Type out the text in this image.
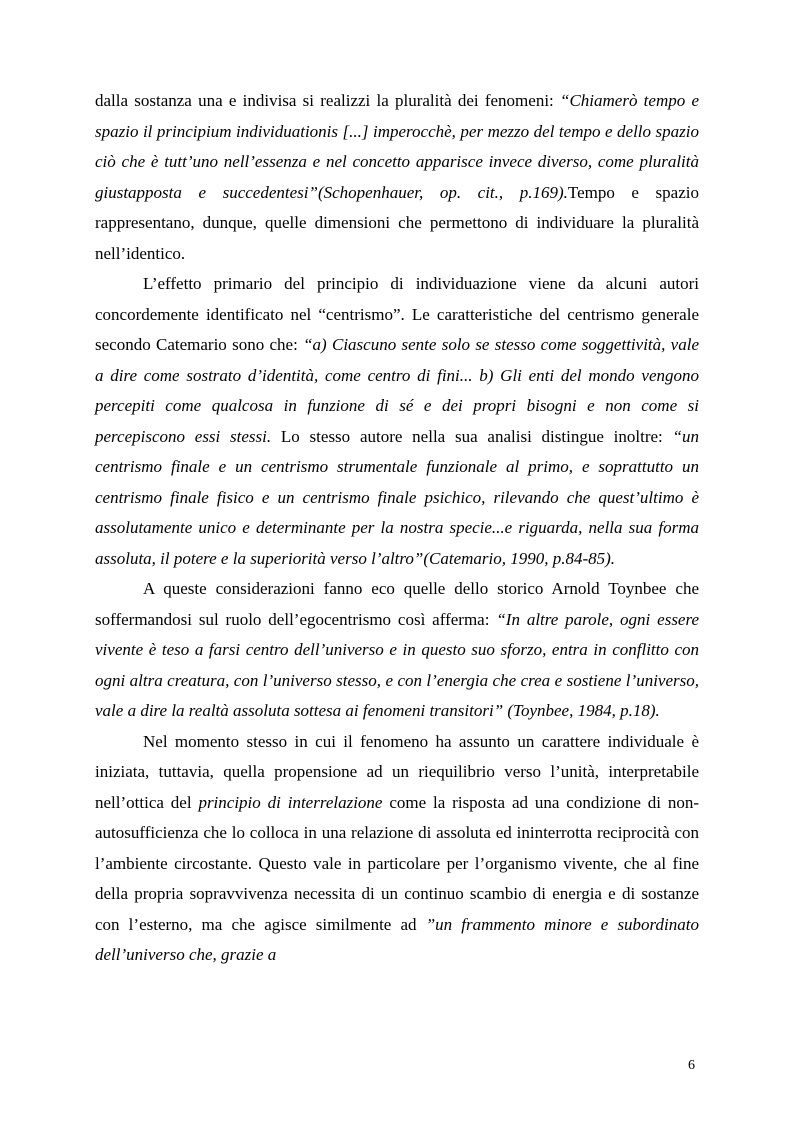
dalla sostanza una e indivisa si realizzi la pluralità dei fenomeni: “Chiamerò tempo e spazio il principium individuationis [...] imperocchè, per mezzo del tempo e dello spazio ciò che è tutt’uno nell’essenza e nel concetto apparisce invece diverso, come pluralità giustapposta e succedentesi”(Schopenhauer, op. cit., p.169).Tempo e spazio rappresentano, dunque, quelle dimensioni che permettono di individuare la pluralità nell’identico.

L’effetto primario del principio di individuazione viene da alcuni autori concordemente identificato nel “centrismo”. Le caratteristiche del centrismo generale secondo Catemario sono che: “a) Ciascuno sente solo se stesso come soggettività, vale a dire come sostrato d’identità, come centro di fini... b) Gli enti del mondo vengono percepiti come qualcosa in funzione di sé e dei propri bisogni e non come si percepiscono essi stessi. Lo stesso autore nella sua analisi distingue inoltre: “un centrismo finale e un centrismo strumentale funzionale al primo, e soprattutto un centrismo finale fisico e un centrismo finale psichico, rilevando che quest’ultimo è assolutamente unico e determinante per la nostra specie...e riguarda, nella sua forma assoluta, il potere e la superiorità verso l’altro”(Catemario, 1990, p.84-85).

A queste considerazioni fanno eco quelle dello storico Arnold Toynbee che soffermandosi sul ruolo dell’egocentrismo così afferma: “In altre parole, ogni essere vivente è teso a farsi centro dell’universo e in questo suo sforzo, entra in conflitto con ogni altra creatura, con l’universo stesso, e con l’energia che crea e sostiene l’universo, vale a dire la realtà assoluta sottesa ai fenomeni transitori” (Toynbee, 1984, p.18).

Nel momento stesso in cui il fenomeno ha assunto un carattere individuale è iniziata, tuttavia, quella propensione ad un riequilibrio verso l’unità, interpretabile nell’ottica del principio di interrelazione come la risposta ad una condizione di non-autosufficienza che lo colloca in una relazione di assoluta ed ininterrotta reciprocità con l’ambiente circostante. Questo vale in particolare per l’organismo vivente, che al fine della propria sopravvivenza necessita di un continuo scambio di energia e di sostanze con l’esterno, ma che agisce similmente ad ”un frammento minore e subordinato dell’universo che, grazie a

6
